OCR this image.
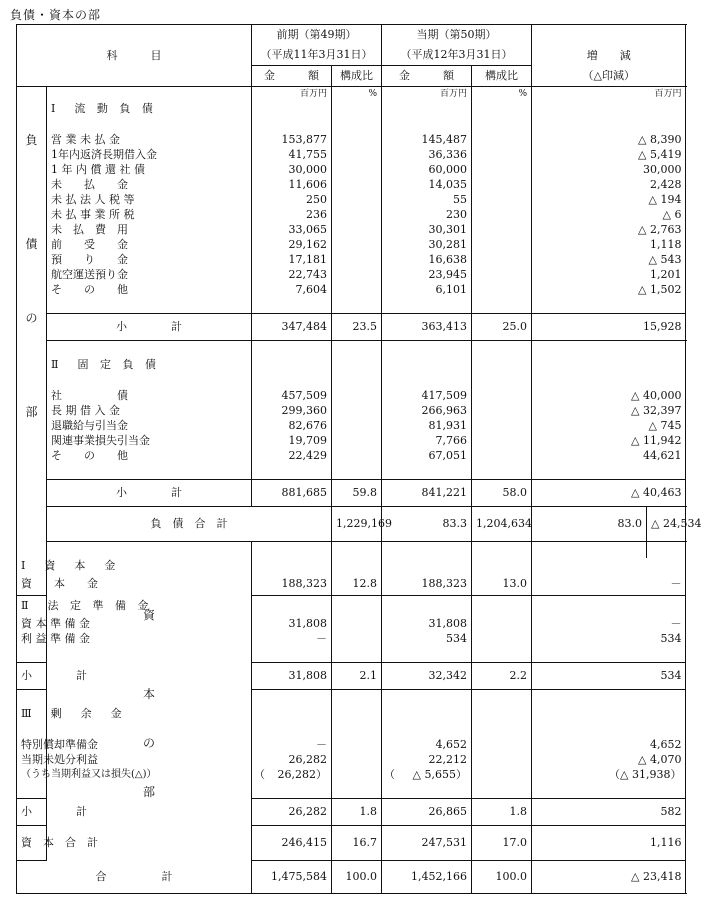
負債・資本の部
科　　　目		前期（第49期）		当期（第50期）		増　　減	
		（平成11年3月31日）		（平成12年3月31日）			
		金　　　額	構成比	金　　　額	構成比	（△印減）	

負
債
の
部		百万円	%	百万円	%	百万円	
	Ⅰ　流 動 負 債						

	営 業 未 払 金	153,877		145,487		△ 8,390	
	1年内返済長期借入金	41,755		36,336		△ 5,419	
	1 年 内 償 還 社 債	30,000		60,000		30,000	
	未　　払　　金	11,606		14,035		2,428	
	未 払 法 人 税 等	250		55		△ 194	
	未 払 事 業 所 税	236		230		△ 6	
	未　払　費　用	33,065		30,301		△ 2,763	
	前　　受　　金	29,162		30,281		1,118	
	預　　り　　金	17,181		16,638		△ 543	
	航空運送預り金	22,743		23,945		1,201	
	そ　　の　　他	7,604		6,101		△ 1,502	

	小　　　　計	347,484	23.5	363,413	25.0	15,928	

	Ⅱ　固 定 負 債						

	社　　　　　債	457,509		417,509		△ 40,000	
	長 期 借 入 金	299,360		266,963		△ 32,397	
	退職給与引当金	82,676		81,931		△ 745	
	関連事業損失引当金	19,709		7,766		△ 11,942	
	そ　　の　　他	22,429		67,051		44,621	

	小　　　　計	881,685	59.8	841,221	58.0	△ 40,463	
	負　債　合　計		1,229,169	83.3	1,204,634	83.0	△ 24,534

	資
本
の
部						

Ⅰ　資　本　金							
資　　本　　金		188,323	12.8	188,323	13.0	－	
Ⅱ　法 定 準 備 金							
資 本 準 備 金		31,808		31,808		－	
利 益 準 備 金		－		534		534	

小　　　　計		31,808	2.1	32,342	2.2	534	

Ⅲ　剰　余　金							

特別償却準備金		－		4,652		4,652	
当期未処分利益		26,282		22,212		△ 4,070	
（うち当期利益又は損失(△)）		（ 26,282）		（ △ 5,655）		（△ 31,938）	

小　　　　計		26,282	1.8	26,865	1.8	582	
資　本　合　計		246,415	16.7	247,531	17.0	1,116	
合　　　　　計		1,475,584	100.0	1,452,166	100.0	△ 23,418	
